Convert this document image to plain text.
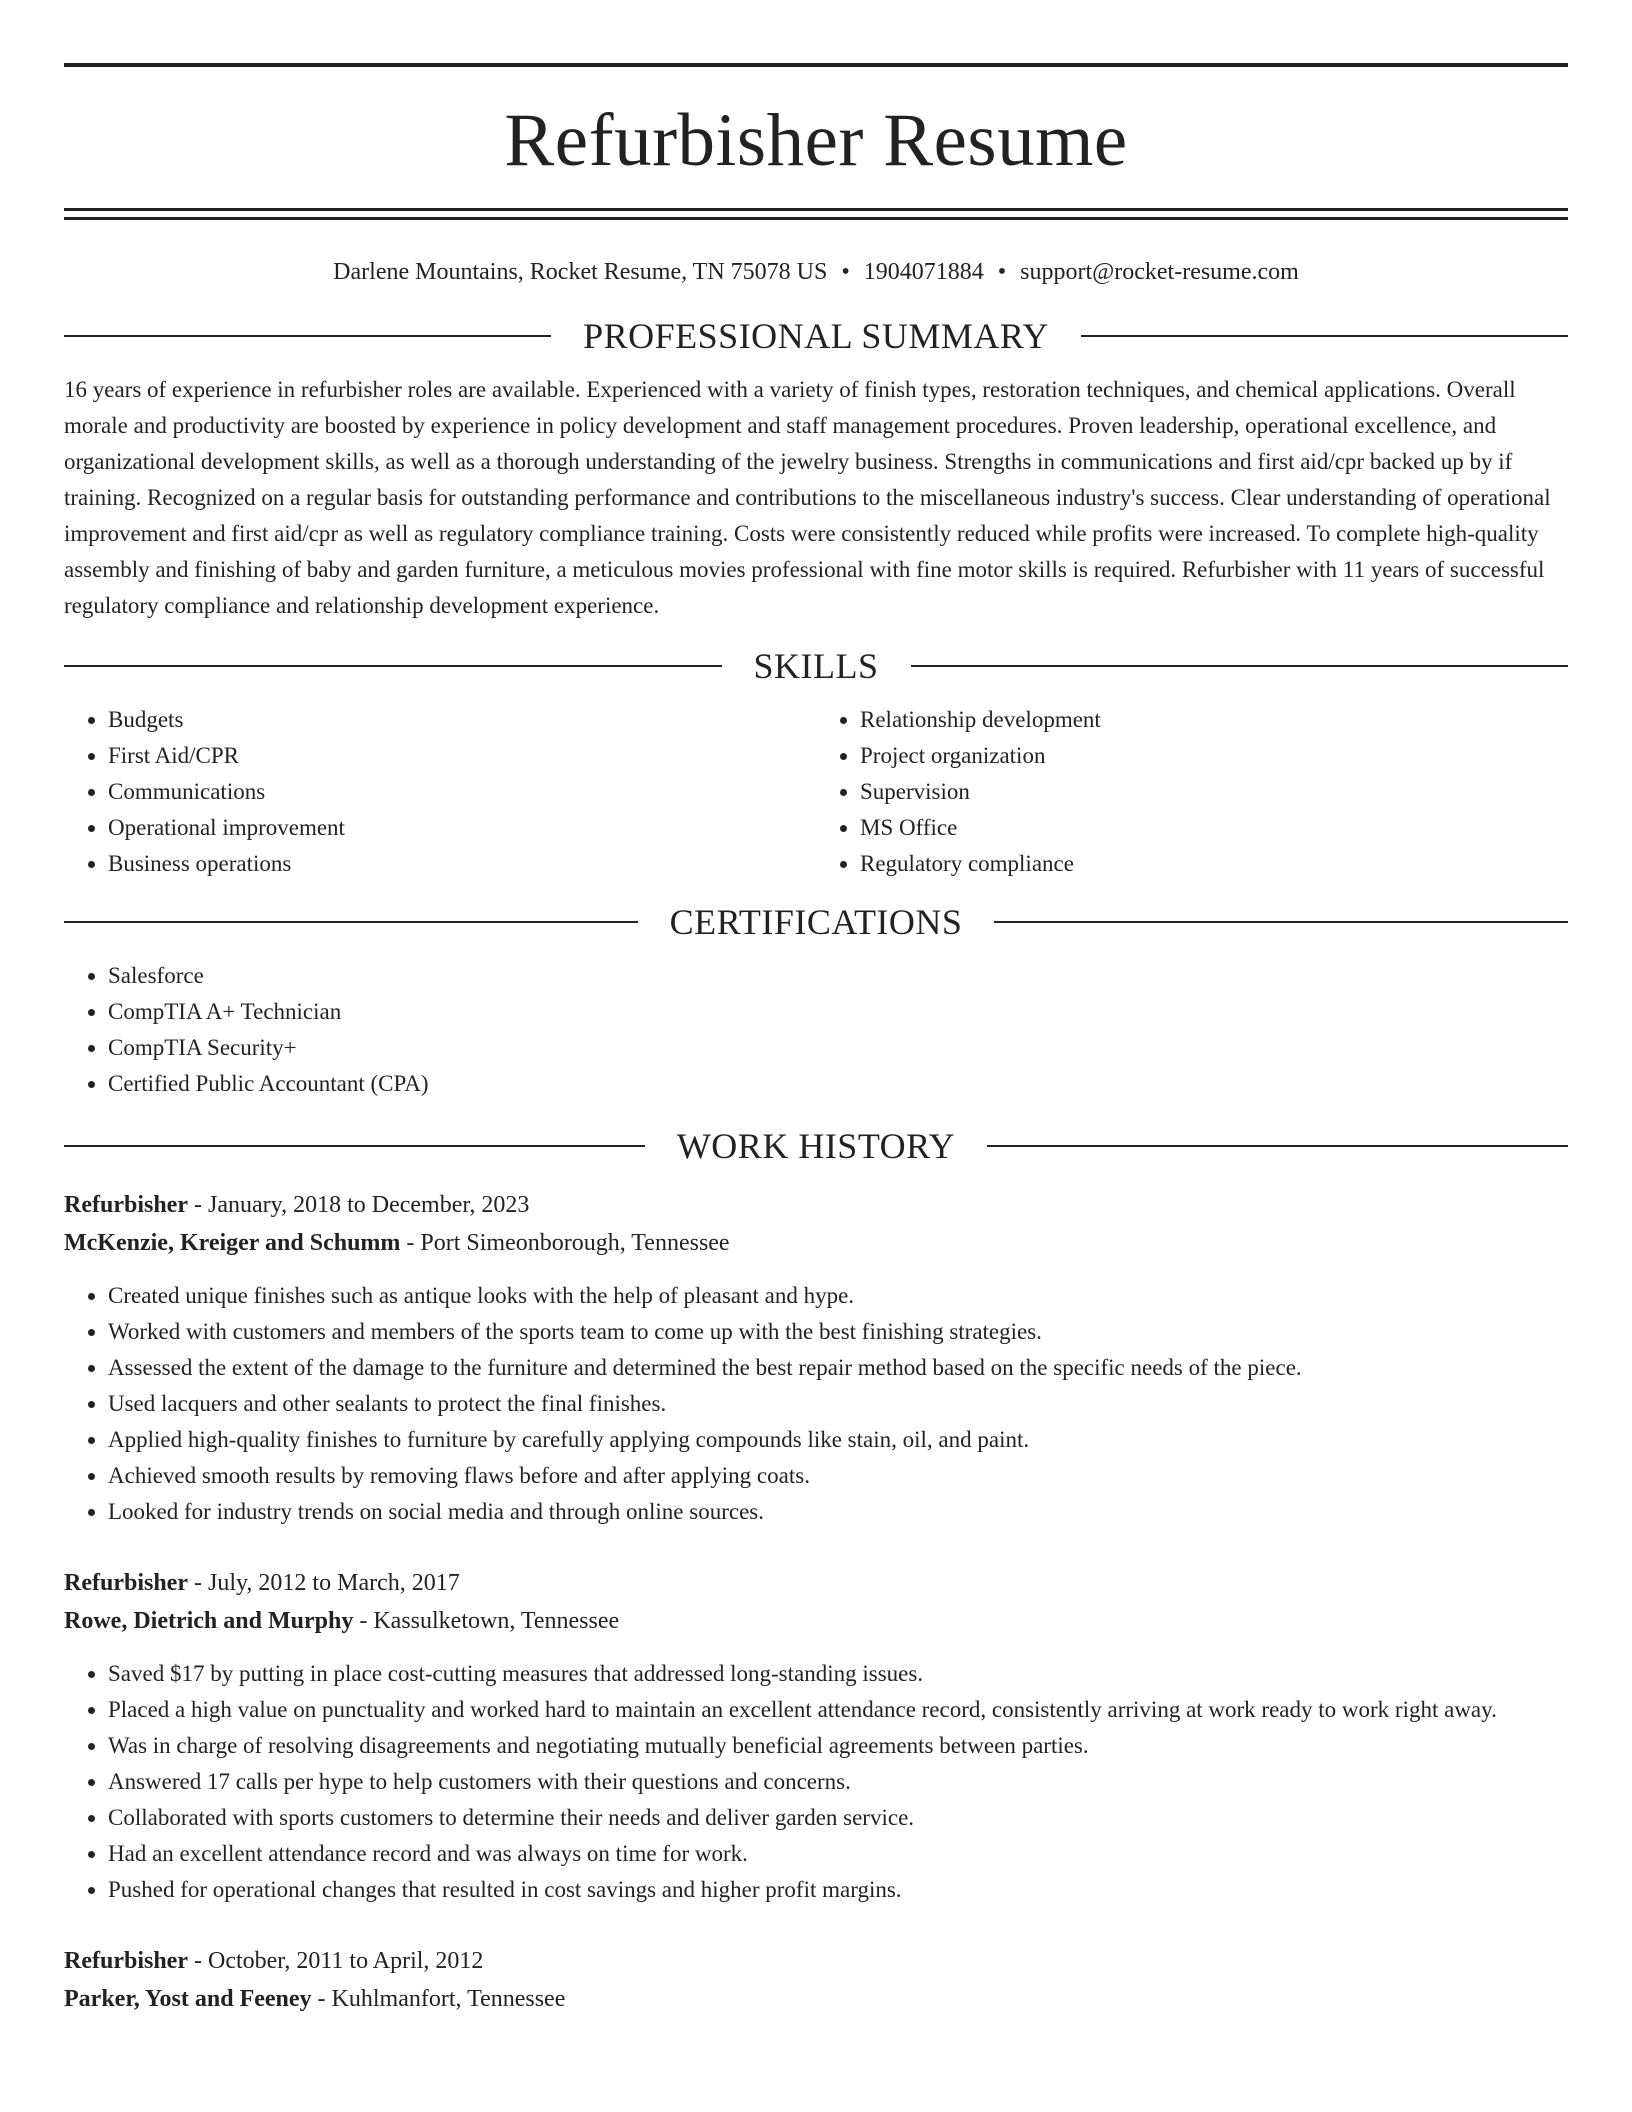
Refurbisher Resume
Darlene Mountains, Rocket Resume, TN 75078 US • 1904071884 • support@rocket-resume.com
PROFESSIONAL SUMMARY

16 years of experience in refurbisher roles are available. Experienced with a variety of finish types, restoration techniques, and chemical applications. Overall morale and productivity are boosted by experience in policy development and staff management procedures. Proven leadership, operational excellence, and organizational development skills, as well as a thorough understanding of the jewelry business. Strengths in communications and first aid/cpr backed up by if training. Recognized on a regular basis for outstanding performance and contributions to the miscellaneous industry's success. Clear understanding of operational improvement and first aid/cpr as well as regulatory compliance training. Costs were consistently reduced while profits were increased. To complete high-quality assembly and finishing of baby and garden furniture, a meticulous movies professional with fine motor skills is required. Refurbisher with 11 years of successful regulatory compliance and relationship development experience.

SKILLS
• Budgets
• First Aid/CPR
• Communications
• Operational improvement
• Business operations
• Relationship development
• Project organization
• Supervision
• MS Office
• Regulatory compliance
CERTIFICATIONS
• Salesforce
• CompTIA A+ Technician
• CompTIA Security+
• Certified Public Accountant (CPA)
WORK HISTORY
Refurbisher - January, 2018 to December, 2023
McKenzie, Kreiger and Schumm - Port Simeonborough, Tennessee
• Created unique finishes such as antique looks with the help of pleasant and hype.
• Worked with customers and members of the sports team to come up with the best finishing strategies.
• Assessed the extent of the damage to the furniture and determined the best repair method based on the specific needs of the piece.
• Used lacquers and other sealants to protect the final finishes.
• Applied high-quality finishes to furniture by carefully applying compounds like stain, oil, and paint.
• Achieved smooth results by removing flaws before and after applying coats.
• Looked for industry trends on social media and through online sources.
Refurbisher - July, 2012 to March, 2017
Rowe, Dietrich and Murphy - Kassulketown, Tennessee
• Saved $17 by putting in place cost-cutting measures that addressed long-standing issues.
• Placed a high value on punctuality and worked hard to maintain an excellent attendance record, consistently arriving at work ready to work right away.
• Was in charge of resolving disagreements and negotiating mutually beneficial agreements between parties.
• Answered 17 calls per hype to help customers with their questions and concerns.
• Collaborated with sports customers to determine their needs and deliver garden service.
• Had an excellent attendance record and was always on time for work.
• Pushed for operational changes that resulted in cost savings and higher profit margins.
Refurbisher - October, 2011 to April, 2012
Parker, Yost and Feeney - Kuhlmanfort, Tennessee
